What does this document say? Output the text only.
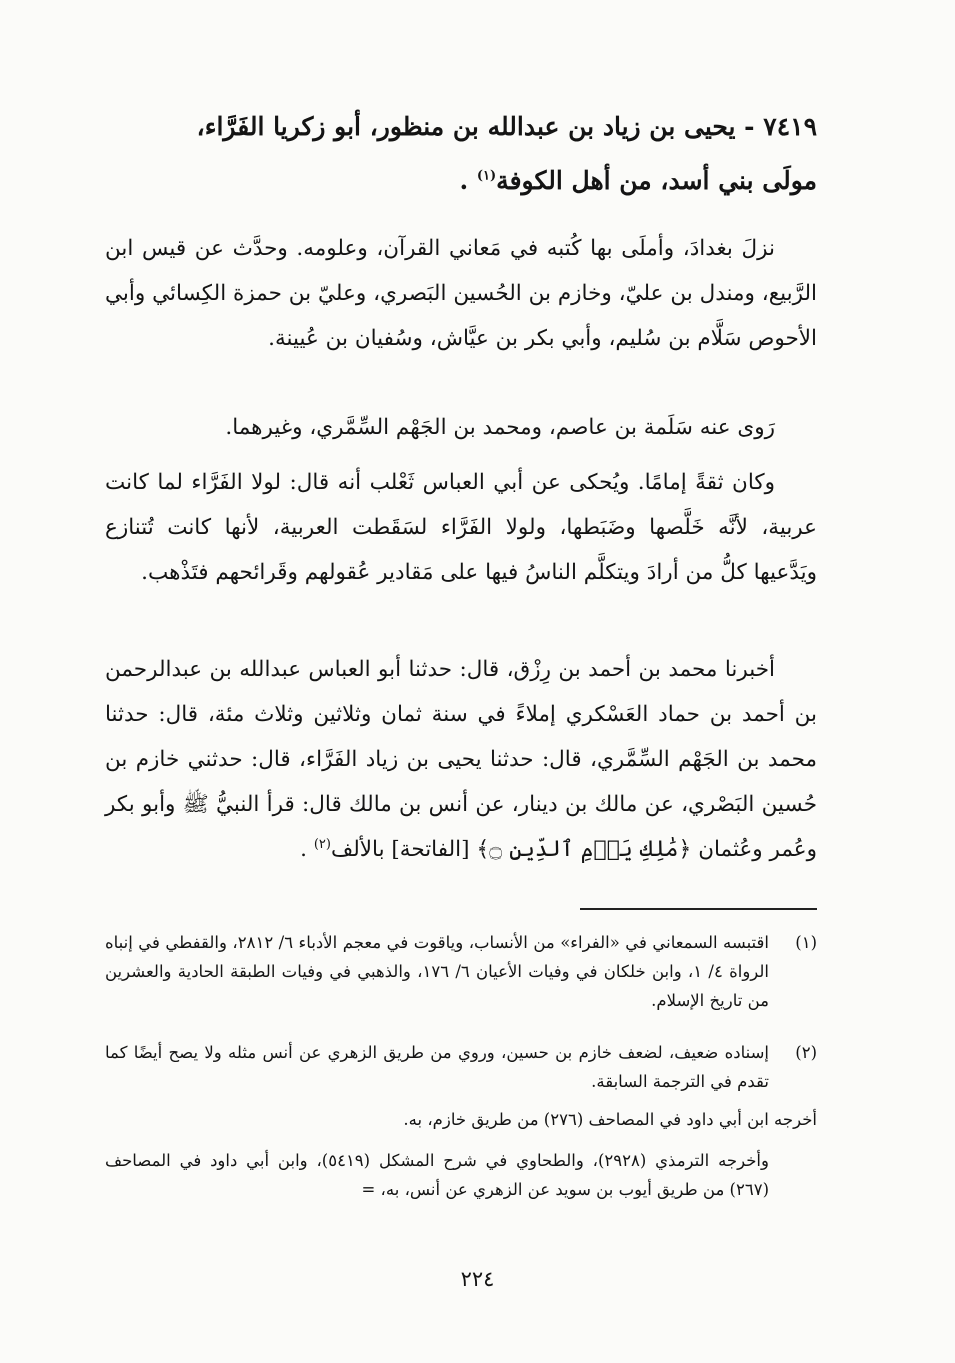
٧٤١٩ - يحيى بن زياد بن عبدالله بن منظور، أبو زكريا الفَرَّاء،
مولَى بني أسد، من أهل الكوفة$^{(١)}$ .

نزلَ بغدادَ، وأملَى بها كُتبه في مَعاني القرآن، وعلومه. وحدَّث عن قيس ابن الرَّبيع، ومندل بن عليّ، وخازم بن الحُسين البَصري، وعليّ بن حمزة الكِسائي وأبي الأحوص سَلَّام بن سُليم، وأبي بكر بن عيَّاش، وسُفيان بن عُيينة.

رَوى عنه سَلَمة بن عاصم، ومحمد بن الجَهْم السِّمَّري، وغيرهما.

وكان ثقةً إمامًا. ويُحكى عن أبي العباس ثَعْلب أنه قال: لولا الفَرَّاء لما كانت عربية، لأنَّه خَلَّصها وضَبَطها، ولولا الفَرَّاء لسَقَطت العربية، لأنها كانت تُتنازع ويَدَّعيها كلُّ من أرادَ ويتكلَّم الناسُ فيها على مَقادير عُقولهم وقَرائحهم فتَذْهب.

أخبرنا محمد بن أحمد بن رِزْق، قال: حدثنا أبو العباس عبدالله بن عبدالرحمن بن أحمد بن حماد العَسْكري إملاءً في سنة ثمان وثلاثين وثلاث مئة، قال: حدثنا محمد بن الجَهْم السِّمَّري، قال: حدثنا يحيى بن زياد الفَرَّاء، قال: حدثني خازم بن حُسين البَصْري، عن مالك بن دينار، عن أنس بن مالك قال: قرأ النبيُّ ﷺ وأبو بكر وعُمر وعُثمان ﴿مَٰلِكِ يَوۡمِ ٱلدِّينِ ۝﴾ [الفاتحة] بالألف$^{(٢)}$ .

(١)
اقتبسه السمعاني في «الفراء» من الأنساب، وياقوت في معجم الأدباء ٦/ ٢٨١٢، والقفطي في إنباه الرواة ٤/ ١، وابن خلكان في وفيات الأعيان ٦/ ١٧٦، والذهبي في وفيات الطبقة الحادية والعشرين من تاريخ الإسلام.
(٢)
إسناده ضعيف، لضعف خازم بن حسين، وروي من طريق الزهري عن أنس مثله ولا يصح أيضًا كما تقدم في الترجمة السابقة.
أخرجه ابن أبي داود في المصاحف (٢٧٦) من طريق خازم، به.
وأخرجه الترمذي (٢٩٢٨)، والطحاوي في شرح المشكل (٥٤١٩)، وابن أبي داود في المصاحف (٢٦٧) من طريق أيوب بن سويد عن الزهري عن أنس، به، =
٢٢٤
